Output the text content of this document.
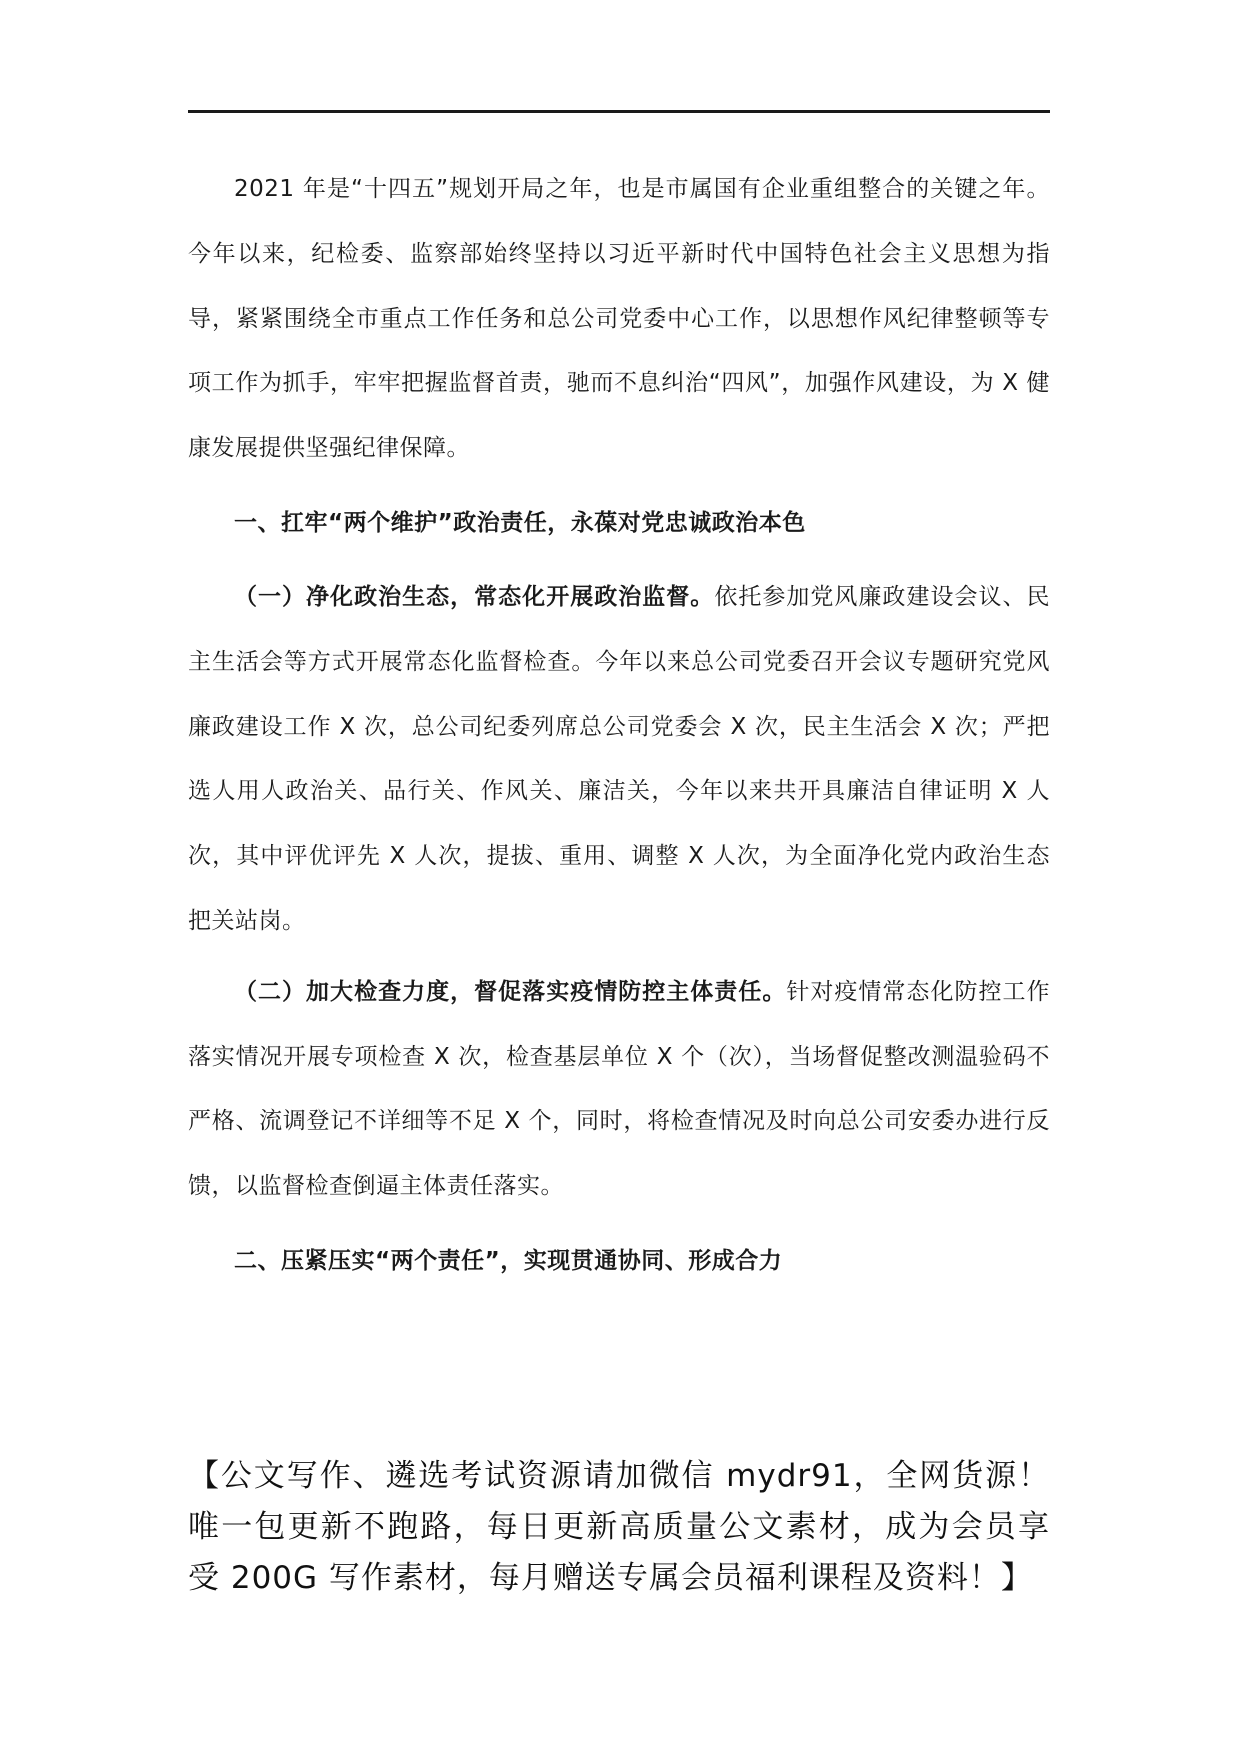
2021 年是“十四五”规划开局之年，也是市属国有企业重组整合的关键之年。今年以来，纪检委、监察部始终坚持以习近平新时代中国特色社会主义思想为指导，紧紧围绕全市重点工作任务和总公司党委中心工作，以思想作风纪律整顿等专项工作为抓手，牢牢把握监督首责，驰而不息纠治“四风”，加强作风建设，为 X 健康发展提供坚强纪律保障。

一、扛牢“两个维护”政治责任，永葆对党忠诚政治本色

（一）净化政治生态，常态化开展政治监督。依托参加党风廉政建设会议、民主生活会等方式开展常态化监督检查。今年以来总公司党委召开会议专题研究党风廉政建设工作 X 次，总公司纪委列席总公司党委会 X 次，民主生活会 X 次；严把选人用人政治关、品行关、作风关、廉洁关，今年以来共开具廉洁自律证明 X 人次，其中评优评先 X 人次，提拔、重用、调整 X 人次，为全面净化党内政治生态把关站岗。

（二）加大检查力度，督促落实疫情防控主体责任。针对疫情常态化防控工作落实情况开展专项检查 X 次，检查基层单位 X 个（次），当场督促整改测温验码不严格、流调登记不详细等不足 X 个，同时，将检查情况及时向总公司安委办进行反馈，以监督检查倒逼主体责任落实。

二、压紧压实“两个责任”，实现贯通协同、形成合力

【公文写作、遴选考试资源请加微信 mydr91，全网货源！唯一包更新不跑路，每日更新高质量公文素材，成为会员享受 200G 写作素材，每月赠送专属会员福利课程及资料！】
